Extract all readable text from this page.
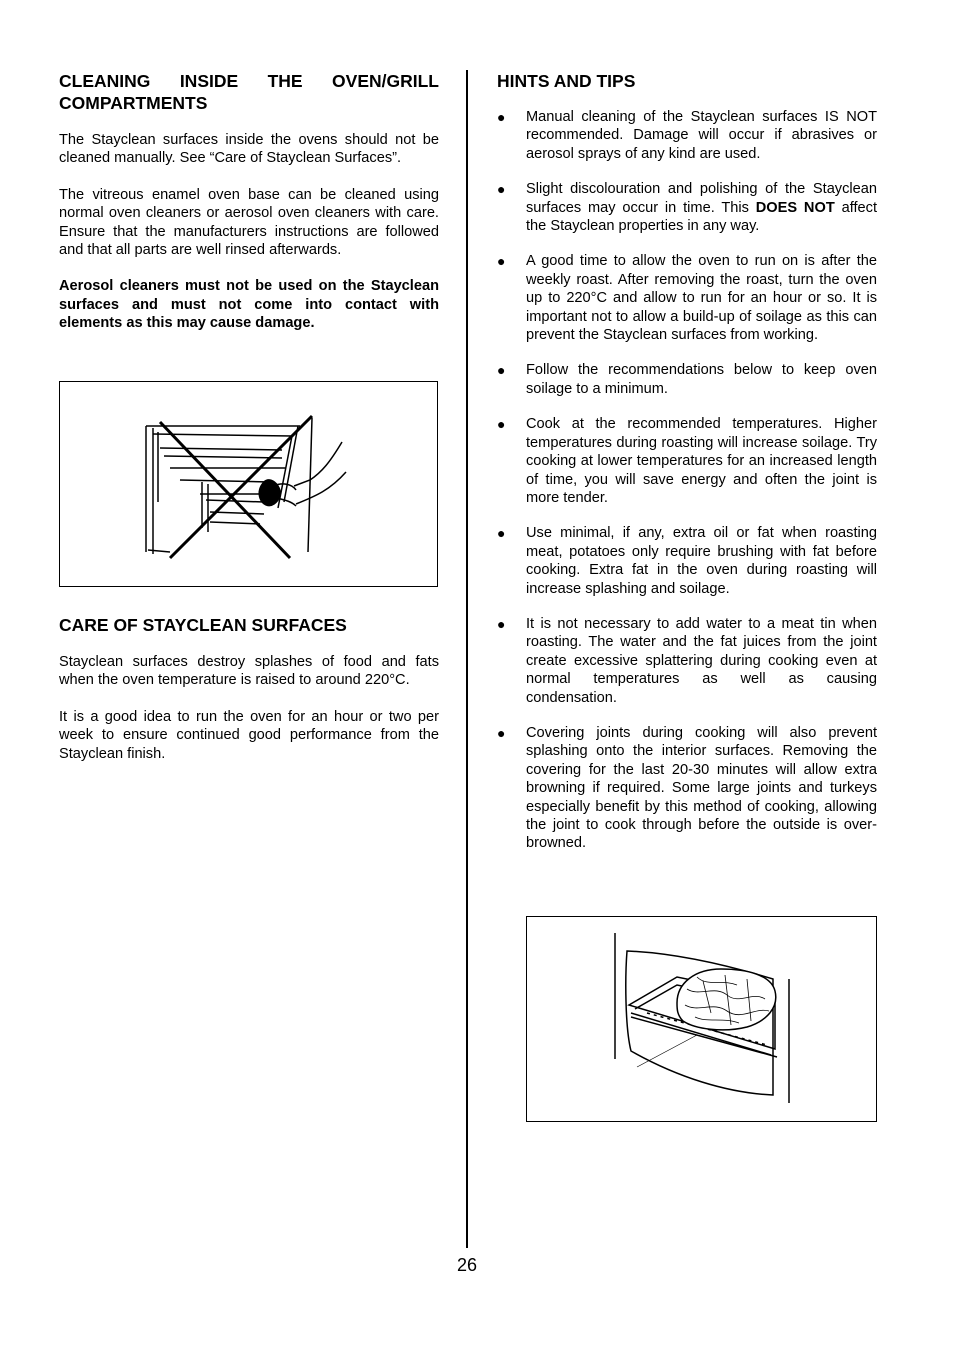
CLEANING INSIDE THE OVEN/GRILL
COMPARTMENTS

The Stayclean surfaces inside the ovens should not be cleaned manually. See “Care of Stayclean Surfaces”.

The vitreous enamel oven base can be cleaned using normal oven cleaners or aerosol oven cleaners with care. Ensure that the manufacturers instructions are followed and that all parts are well rinsed afterwards.

Aerosol cleaners must not be used on the Stayclean surfaces and must not come into contact with elements as this may cause damage.

CARE OF STAYCLEAN SURFACES

Stayclean surfaces destroy splashes of food and fats when the oven temperature is raised to around 220°C.

It is a good idea to run the oven for an hour or two per week to ensure continued good performance from the Stayclean finish.

HINTS AND TIPS
● Manual cleaning of the Stayclean surfaces IS NOT recommended. Damage will occur if abrasives or aerosol sprays of any kind are used.
● Slight discolouration and polishing of the Stayclean surfaces may occur in time. This DOES NOT affect the Stayclean properties in any way.
● A good time to allow the oven to run on is after the weekly roast. After removing the roast, turn the oven up to 220°C and allow to run for an hour or so. It is important not to allow a build-up of soilage as this can prevent the Stayclean surfaces from working.
● Follow the recommendations below to keep oven soilage to a minimum.
● Cook at the recommended temperatures. Higher temperatures during roasting will increase soilage. Try cooking at lower temperatures for an increased length of time, you will save energy and often the joint is more tender.
● Use minimal, if any, extra oil or fat when roasting meat, potatoes only require brushing with fat before cooking. Extra fat in the oven during roasting will increase splashing and soilage.
● It is not necessary to add water to a meat tin when roasting. The water and the fat juices from the joint create excessive splattering during cooking even at normal temperatures as well as causing condensation.
● Covering joints during cooking will also prevent splashing onto the interior surfaces. Removing the covering for the last 20-30 minutes will allow extra browning if required. Some large joints and turkeys especially benefit by this method of cooking, allowing the joint to cook through before the outside is over-browned.
26
